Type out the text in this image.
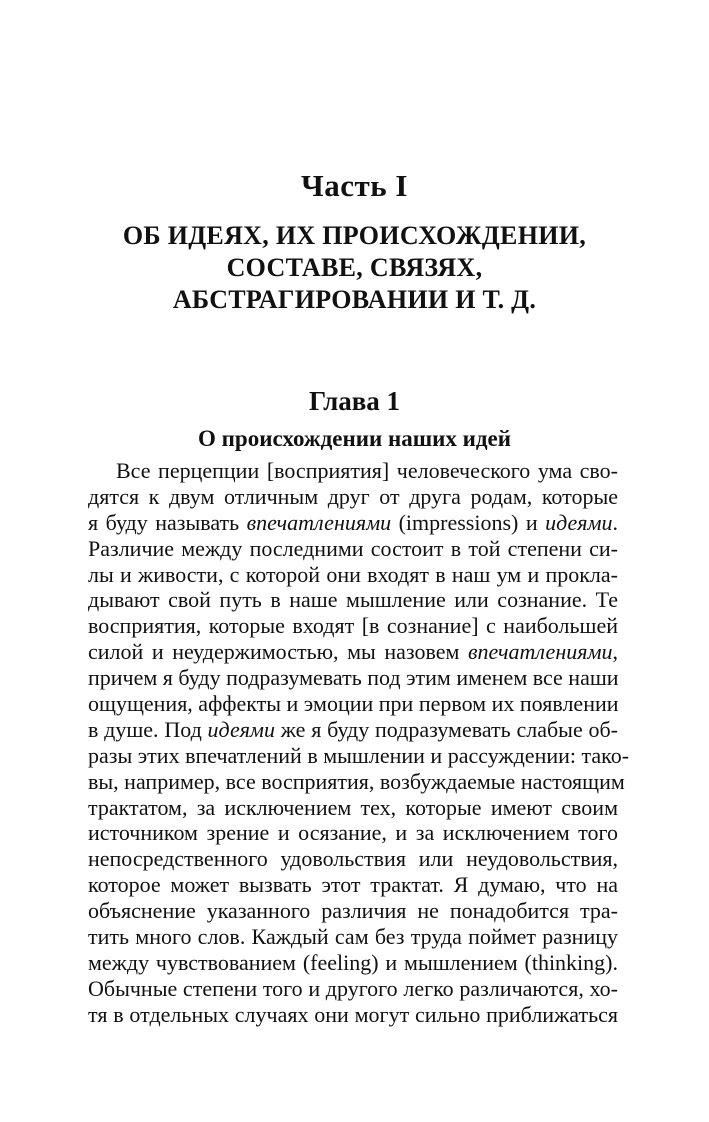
Часть I
ОБ ИДЕЯХ, ИХ ПРОИСХОЖДЕНИИ,
СОСТАВЕ, СВЯЗЯХ,
АБСТРАГИРОВАНИИ И Т. Д.
Глава 1
О происхождении наших идей
Все перцепции [восприятия] человеческого ума сво-
дятся к двум отличным друг от друга родам, которые
я буду называть впечатлениями (impressions) и идеями.
Различие между последними состоит в той степени си-
лы и живости, с которой они входят в наш ум и прокла-
дывают свой путь в наше мышление или сознание. Те
восприятия, которые входят [в сознание] с наибольшей
силой и неудержимостью, мы назовем впечатлениями,
причем я буду подразумевать под этим именем все наши
ощущения, аффекты и эмоции при первом их появлении
в душе. Под идеями же я буду подразумевать слабые об-
разы этих впечатлений в мышлении и рассуждении: тако-
вы, например, все восприятия, возбуждаемые настоящим
трактатом, за исключением тех, которые имеют своим
источником зрение и осязание, и за исключением того
непосредственного удовольствия или неудовольствия,
которое может вызвать этот трактат. Я думаю, что на
объяснение указанного различия не понадобится тра-
тить много слов. Каждый сам без труда поймет разницу
между чувствованием (feeling) и мышлением (thinking).
Обычные степени того и другого легко различаются, хо-
тя в отдельных случаях они могут сильно приближаться
